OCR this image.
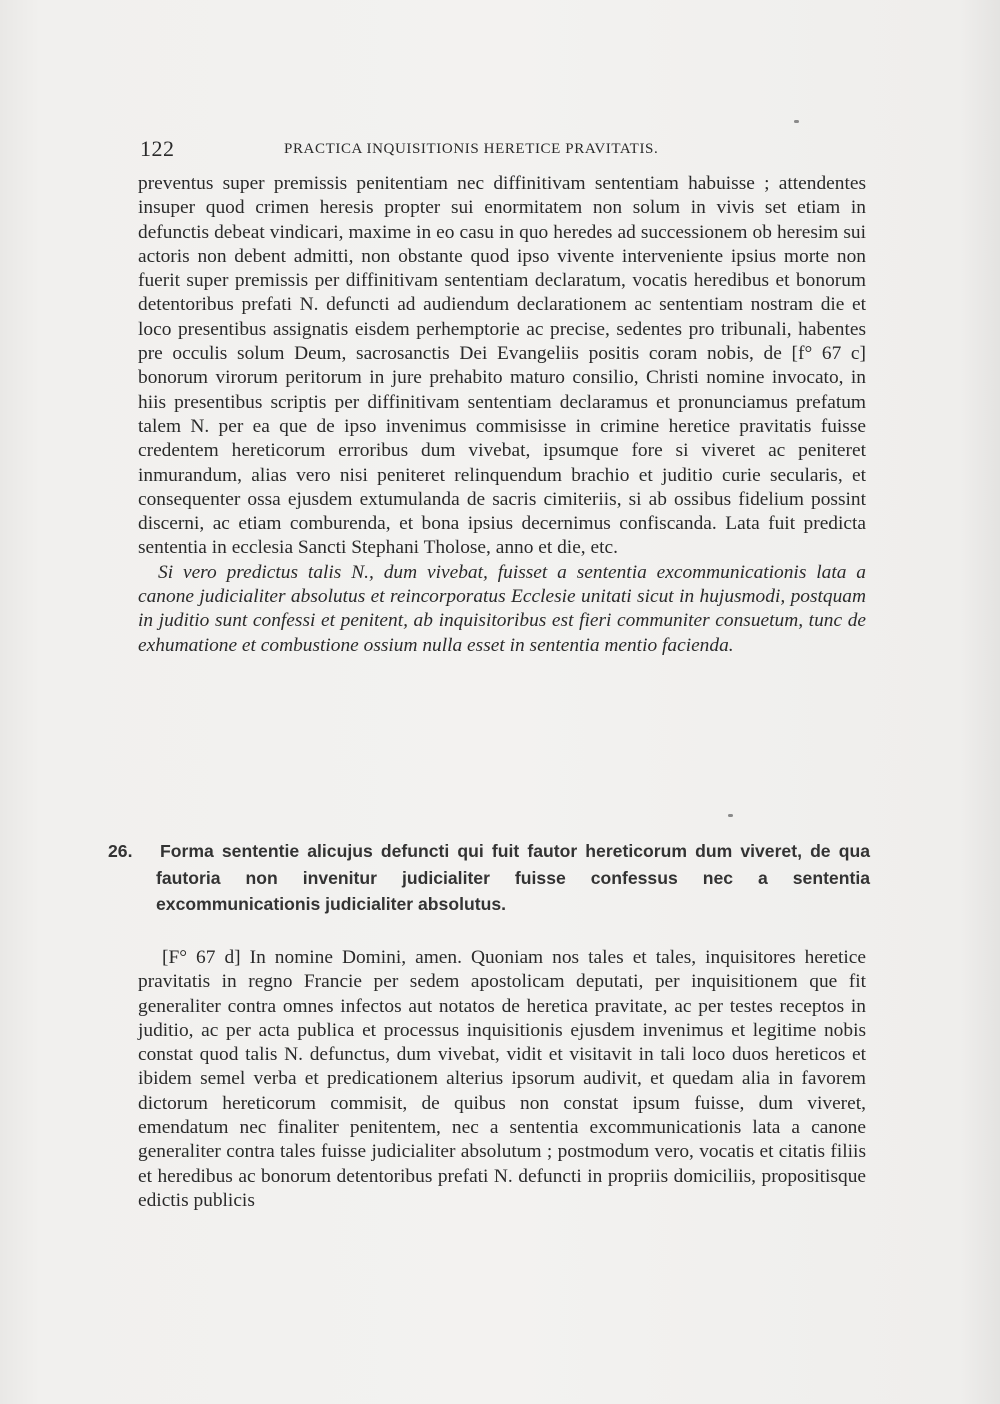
122	PRACTICA INQUISITIONIS HERETICE PRAVITATIS.

preventus super premissis penitentiam nec diffinitivam sententiam habuisse ; attendentes insuper quod crimen heresis propter sui enormitatem non solum in vivis set etiam in defunctis debeat vindicari, maxime in eo casu in quo heredes ad successionem ob heresim sui actoris non debent admitti, non obstante quod ipso vivente interveniente ipsius morte non fuerit super premissis per diffinitivam sententiam declaratum, vocatis heredibus et bonorum detentoribus prefati N. defuncti ad audiendum declarationem ac sententiam nostram die et loco presentibus assignatis eisdem perhemptorie ac precise, sedentes pro tribunali, habentes pre occulis solum Deum, sacrosanctis Dei Evangeliis positis coram nobis, de [f° 67 c] bonorum virorum peritorum in jure prehabito maturo consilio, Christi nomine invocato, in hiis presentibus scriptis per diffinitivam sententiam declaramus et pronunciamus prefatum talem N. per ea que de ipso invenimus commisisse in crimine heretice pravitatis fuisse credentem hereticorum erroribus dum vivebat, ipsumque fore si viveret ac peniteret inmurandum, alias vero nisi peniteret relinquendum brachio et juditio curie secularis, et consequenter ossa ejusdem extumulanda de sacris cimiteriis, si ab ossibus fidelium possint discerni, ac etiam comburenda, et bona ipsius decernimus confiscanda. Lata fuit predicta sententia in ecclesia Sancti Stephani Tholose, anno et die, etc.

Si vero predictus talis N., dum vivebat, fuisset a sententia excommunicationis lata a canone judicialiter absolutus et reincorporatus Ecclesie unitati sicut in hujusmodi, postquam in juditio sunt confessi et penitent, ab inquisitoribus est fieri communiter consuetum, tunc de exhumatione et combustione ossium nulla esset in sententia mentio facienda.

26. Forma sententie alicujus defuncti qui fuit fautor hereticorum dum viveret, de qua fautoria non invenitur judicialiter fuisse confessus nec a sententia excommunicationis judicialiter absolutus.

[F° 67 d] In nomine Domini, amen. Quoniam nos tales et tales, inquisitores heretice pravitatis in regno Francie per sedem apostolicam deputati, per inquisitionem que fit generaliter contra omnes infectos aut notatos de heretica pravitate, ac per testes receptos in juditio, ac per acta publica et processus inquisitionis ejusdem invenimus et legitime nobis constat quod talis N. defunctus, dum vivebat, vidit et visitavit in tali loco duos hereticos et ibidem semel verba et predicationem alterius ipsorum audivit, et quedam alia in favorem dictorum hereticorum commisit, de quibus non constat ipsum fuisse, dum viveret, emendatum nec finaliter penitentem, nec a sententia excommunicationis lata a canone generaliter contra tales fuisse judicialiter absolutum ; postmodum vero, vocatis et citatis filiis et heredibus ac bonorum detentoribus prefati N. defuncti in propriis domiciliis, propositisque edictis publicis
